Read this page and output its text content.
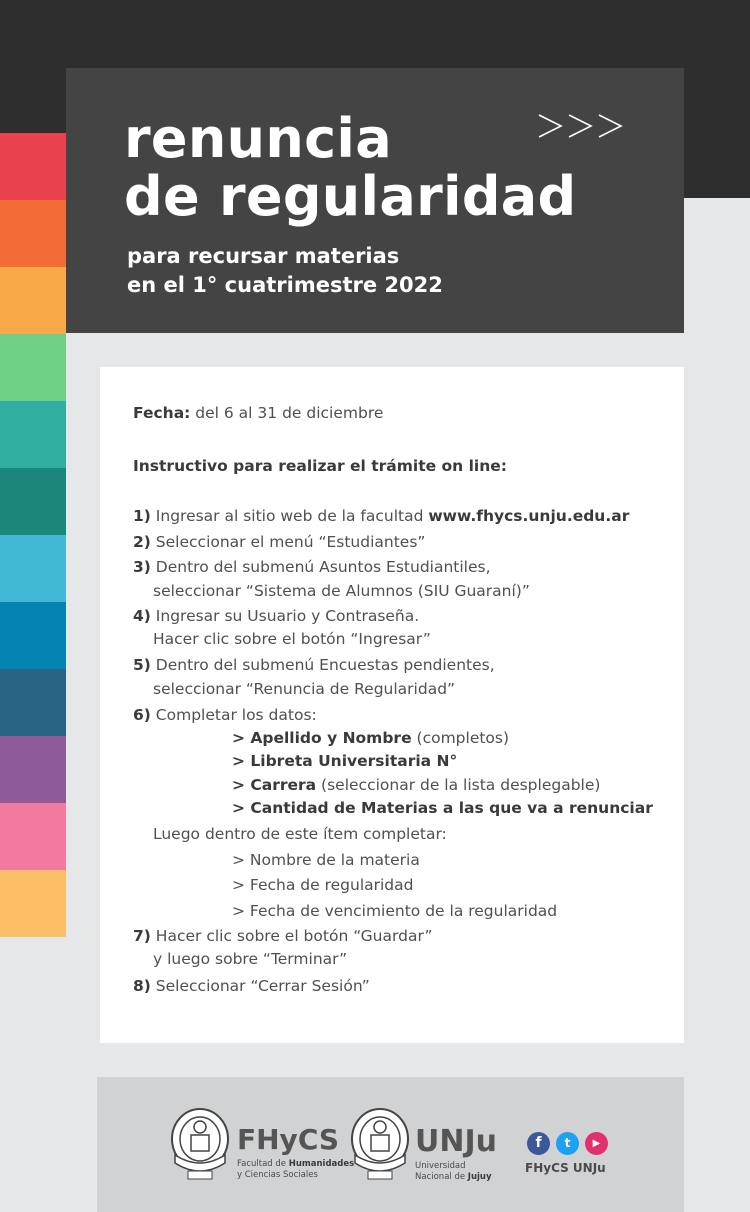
renuncia
de regularidad

para recursar materias
en el 1° cuatrimestre 2022

Fecha: del 6 al 31 de diciembre
Instructivo para realizar el trámite on line:
1) Ingresar al sitio web de la facultad www.fhycs.unju.edu.ar
2) Seleccionar el menú “Estudiantes”
3) Dentro del submenú Asuntos Estudiantiles,
seleccionar “Sistema de Alumnos (SIU Guaraní)”
4) Ingresar su Usuario y Contraseña.
Hacer clic sobre el botón “Ingresar”
5) Dentro del submenú Encuestas pendientes,
seleccionar “Renuncia de Regularidad”
6) Completar los datos:
> Apellido y Nombre (completos)
> Libreta Universitaria N°
> Carrera (seleccionar de la lista desplegable)
> Cantidad de Materias a las que va a renunciar
Luego dentro de este ítem completar:
> Nombre de la materia
> Fecha de regularidad
> Fecha de vencimiento de la regularidad
7) Hacer clic sobre el botón “Guardar”
y luego sobre “Terminar”
8) Seleccionar “Cerrar Sesión”
FHyCS
Facultad de Humanidades
y Ciencias Sociales
UNJu
Universidad
Nacional de Jujuy
f	t	▶
FHyCS UNJu
